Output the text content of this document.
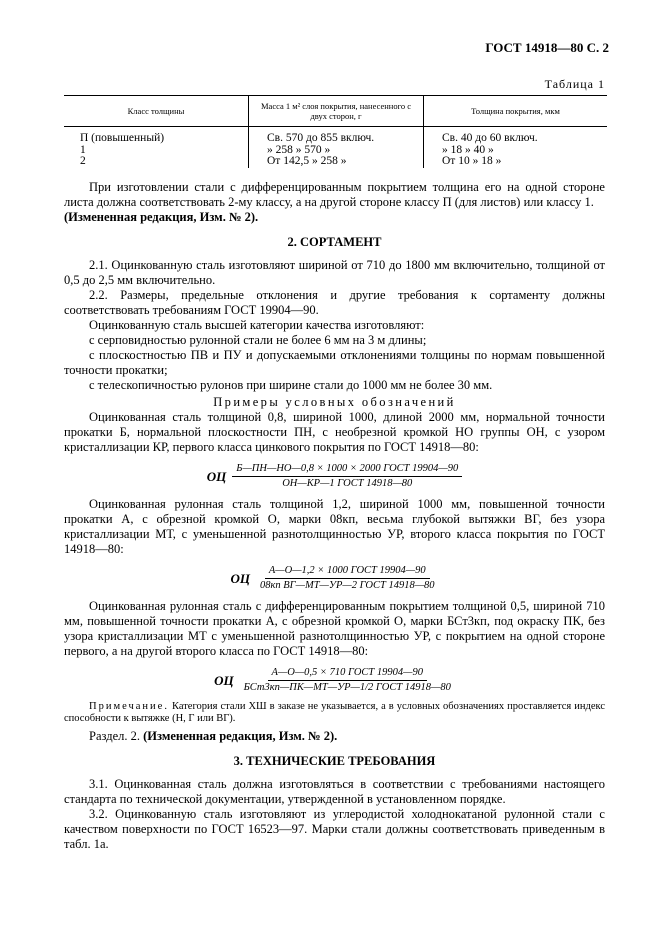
ГОСТ 14918—80 С. 2
Таблица 1
Класс толщины	Масса 1 м² слоя покрытия, нанесенного с двух сторон, г	Толщина покрытия, мкм
П (повышенный)	Св. 570 до 855 включ.	Св. 40 до 60 включ.
1	» 258 » 570 »	» 18 » 40 »
2	От 142,5 » 258 »	От 10 » 18 »

При изготовлении стали с дифференцированным покрытием толщина его на одной стороне листа должна соответствовать 2-му классу, а на другой стороне классу П (для листов) или классу 1.
(Измененная редакция, Изм. № 2).

2. СОРТАМЕНТ

2.1. Оцинкованную сталь изготовляют шириной от 710 до 1800 мм включительно, толщиной от 0,5 до 2,5 мм включительно.

2.2. Размеры, предельные отклонения и другие требования к сортаменту должны соответствовать требованиям ГОСТ 19904—90.

Оцинкованную сталь высшей категории качества изготовляют:

с серповидностью рулонной стали не более 6 мм на 3 м длины;

с плоскостностью ПВ и ПУ и допускаемыми отклонениями толщины по нормам повышенной точности прокатки;

с телескопичностью рулонов при ширине стали до 1000 мм не более 30 мм.

Примеры условных обозначений

Оцинкованная сталь толщиной 0,8, шириной 1000, длиной 2000 мм, нормальной точности прокатки Б, нормальной плоскостности ПН, с необрезной кромкой НО группы ОН, с узором кристаллизации КР, первого класса цинкового покрытия по ГОСТ 14918—80:

ОЦ $\frac{\text{Б—ПН—НО—0,8 × 1000 × 2000 ГОСТ 19904—90}}{\text{ОН—КР—1 ГОСТ 14918—80}}$

Оцинкованная рулонная сталь толщиной 1,2, шириной 1000 мм, повышенной точности прокатки А, с обрезной кромкой О, марки 08кп, весьма глубокой вытяжки ВГ, без узора кристаллизации МТ, с уменьшенной разнотолщинностью УР, второго класса покрытия по ГОСТ 14918—80:

ОЦ $\frac{\text{А—О—1,2 × 1000 ГОСТ 19904—90}}{\text{08кп ВГ—МТ—УР—2 ГОСТ 14918—80}}$

Оцинкованная рулонная сталь с дифференцированным покрытием толщиной 0,5, шириной 710 мм, повышенной точности прокатки А, с обрезной кромкой О, марки БСт3кп, под окраску ПК, без узора кристаллизации МТ с уменьшенной разнотолщинностью УР, с покрытием на одной стороне первого, а на другой второго класса по ГОСТ 14918—80:

ОЦ $\frac{\text{А—О—0,5 × 710 ГОСТ 19904—90}}{\text{БСт3кп—ПК—МТ—УР—1/2 ГОСТ 14918—80}}$

Примечание. Категория стали ХШ в заказе не указывается, а в условных обозначениях проставляется индекс способности к вытяжке (Н, Г или ВГ).

Раздел. 2. (Измененная редакция, Изм. № 2).

3. ТЕХНИЧЕСКИЕ ТРЕБОВАНИЯ

3.1. Оцинкованная сталь должна изготовляться в соответствии с требованиями настоящего стандарта по технической документации, утвержденной в установленном порядке.

3.2. Оцинкованную сталь изготовляют из углеродистой холоднокатаной рулонной стали с качеством поверхности по ГОСТ 16523—97. Марки стали должны соответствовать приведенным в табл. 1а.
